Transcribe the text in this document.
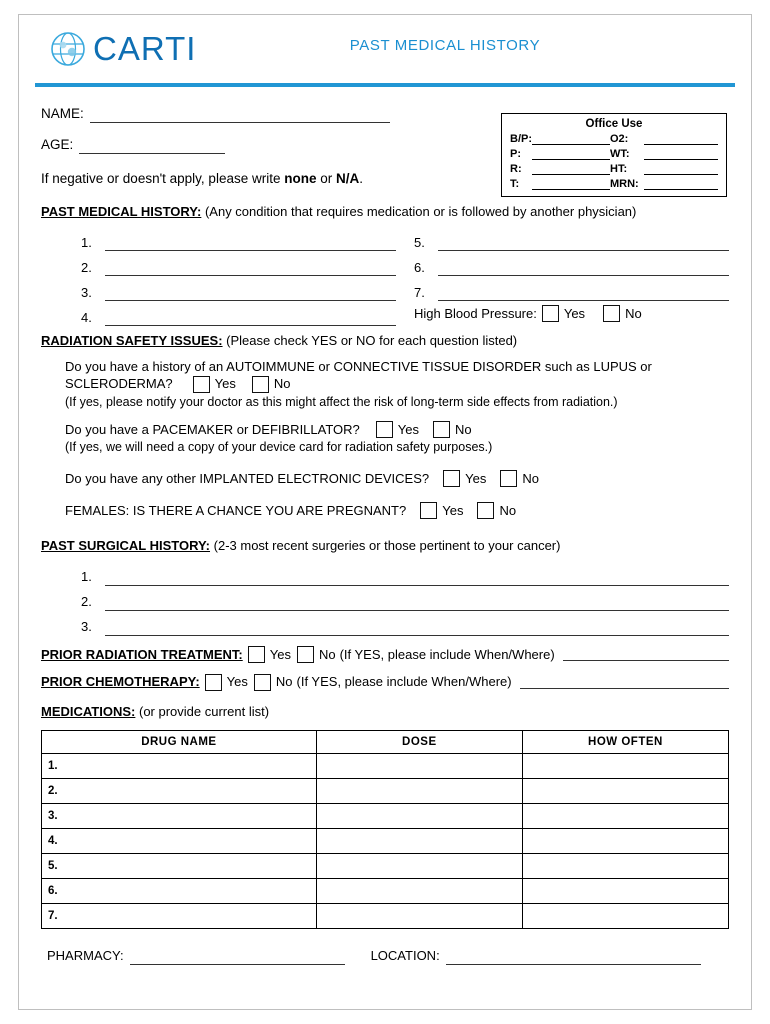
CARTI	PAST MEDICAL HISTORY
Office Use
B/P:	O2:
P:	WT:
R:	HT:
T:	MRN:
NAME:
AGE:
If negative or doesn't apply, please write none or N/A.
PAST MEDICAL HISTORY: (Any condition that requires medication or is followed by another physician)
1.	5.
2.	6.
3.	7.
4.	High Blood Pressure: Yes	No
RADIATION SAFETY ISSUES: (Please check YES or NO for each question listed)
Do you have a history of an AUTOIMMUNE or CONNECTIVE TISSUE DISORDER such as LUPUS or
SCLERODERMA?	Yes	No
(If yes, please notify your doctor as this might affect the risk of long-term side effects from radiation.)
Do you have a PACEMAKER or DEFIBRILLATOR?	Yes	No
(If yes, we will need a copy of your device card for radiation safety purposes.)
Do you have any other IMPLANTED ELECTRONIC DEVICES?	Yes	No
FEMALES: IS THERE A CHANCE YOU ARE PREGNANT?	Yes	No
PAST SURGICAL HISTORY: (2-3 most recent surgeries or those pertinent to your cancer)
1.
2.
3.
PRIOR RADIATION TREATMENT: Yes No (If YES, please include When/Where)
PRIOR CHEMOTHERAPY: Yes No (If YES, please include When/Where)
MEDICATIONS: (or provide current list)
DRUG NAME	DOSE	HOW OFTEN
1.		
2.		
3.		
4.		
5.		
6.		
7.		
PHARMACY:	LOCATION:
